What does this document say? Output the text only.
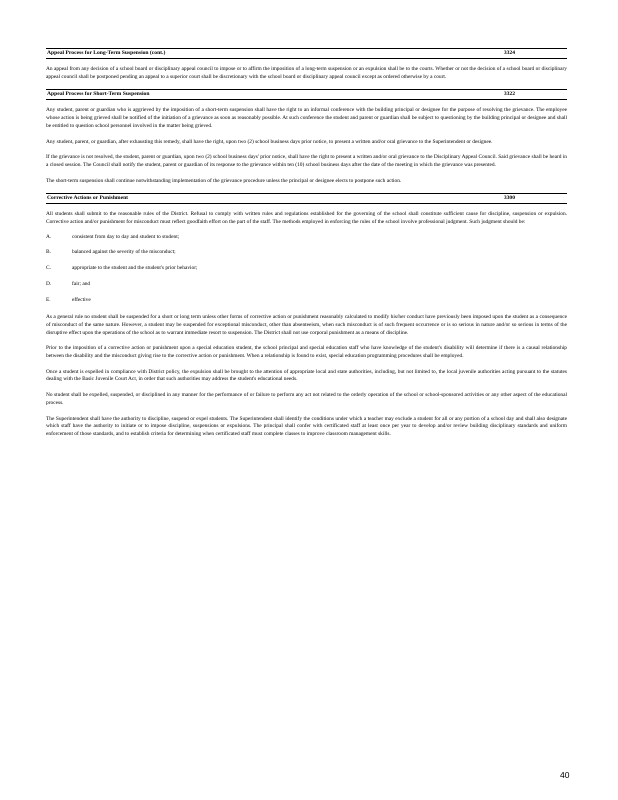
Appeal Process for Long-Term Suspension (cont.)	3324

An appeal from any decision of a school board or disciplinary appeal council to impose or to affirm the imposition of a long-term suspension or an expulsion shall be to the courts. Whether or not the decision of a school board or disciplinary appeal council shall be postponed pending an appeal to a superior court shall be discretionary with the school board or disciplinary appeal council except as ordered otherwise by a court.

Appeal Process for Short-Term Suspension	3322

Any student, parent or guardian who is aggrieved by the imposition of a short-term suspension shall have the right to an informal conference with the building principal or designee for the purpose of resolving the grievance. The employee whose action is being grieved shall be notified of the initiation of a grievance as soon as reasonably possible. At such conference the student and parent or guardian shall be subject to questioning by the building principal or designee and shall be entitled to question school personnel involved in the matter being grieved.

Any student, parent, or guardian, after exhausting this remedy, shall have the right, upon two (2) school business days prior notice, to present a written and/or oral grievance to the Superintendent or designee.

If the grievance is not resolved, the student, parent or guardian, upon two (2) school business days' prior notice, shall have the right to present a written and/or oral grievance to the Disciplinary Appeal Council. Said grievance shall be heard in a closed session. The Council shall notify the student, parent or guardian of its response to the grievance within ten (10) school business days after the date of the meeting in which the grievance was presented.

The short-term suspension shall continue notwithstanding implementation of the grievance procedure unless the principal or designee elects to postpone such action.

Corrective Actions or Punishment	3300

All students shall submit to the reasonable rules of the District. Refusal to comply with written rules and regulations established for the governing of the school shall constitute sufficient cause for discipline, suspension or expulsion. Corrective action and/or punishment for misconduct must reflect goodfaith effort on the part of the staff. The methods employed in enforcing the rules of the school involve professional judgment. Such judgment should be:

A.	consistent from day to day and student to student;
B.	balanced against the severity of the misconduct;
C.	appropriate to the student and the student's prior behavior;
D.	fair; and
E.	effective

As a general rule no student shall be suspended for a short or long term unless other forms of corrective action or punishment reasonably calculated to modify his/her conduct have previously been imposed upon the student as a consequence of misconduct of the same nature. However, a student may be suspended for exceptional misconduct, other than absenteeism, when such misconduct is of such frequent occurrence or is so serious in nature and/or so serious in terms of the disruptive effect upon the operations of the school as to warrant immediate resort to suspension. The District shall not use corporal punishment as a means of discipline.

Prior to the imposition of a corrective action or punishment upon a special education student, the school principal and special education staff who have knowledge of the student's disability will determine if there is a causal relationship between the disability and the misconduct giving rise to the corrective action or punishment. When a relationship is found to exist, special education programming procedures shall be employed.

Once a student is expelled in compliance with District policy, the expulsion shall be brought to the attention of appropriate local and state authorities, including, but not limited to, the local juvenile authorities acting pursuant to the statutes dealing with the Basic Juvenile Court Act, in order that such authorities may address the student's educational needs.

No student shall be expelled, suspended, or disciplined in any manner for the performance of or failure to perform any act not related to the orderly operation of the school or school-sponsored activities or any other aspect of the educational process.

The Superintendent shall have the authority to discipline, suspend or expel students. The Superintendent shall identify the conditions under which a teacher may exclude a student for all or any portion of a school day and shall also designate which staff have the authority to initiate or to impose discipline, suspensions or expulsions. The principal shall confer with certificated staff at least once per year to develop and/or review building disciplinary standards and uniform enforcement of those standards, and to establish criteria for determining when certificated staff must complete classes to improve classroom management skills.

40
